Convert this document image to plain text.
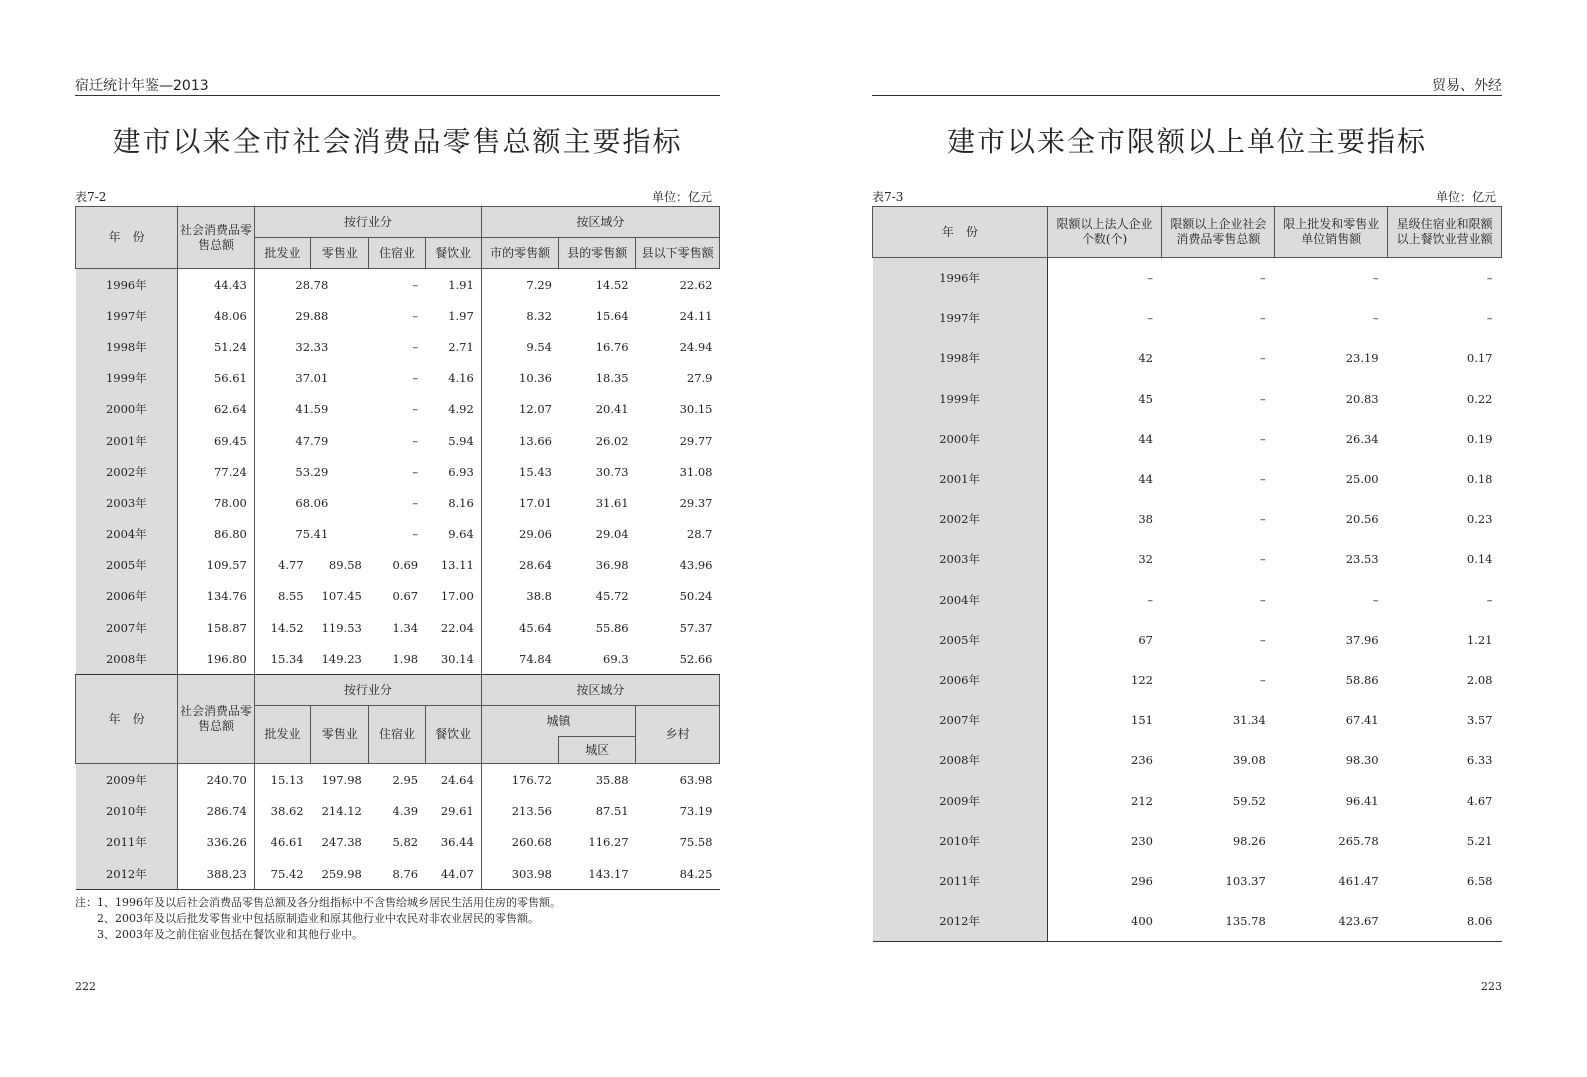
宿迁统计年鉴—2013
建市以来全市社会消费品零售总额主要指标
表7-2	单位：亿元
年　份	社会消费品零售总额	按行业分				按区域分		
		批发业	零售业	住宿业	餐饮业	市的零售额	县的零售额	县以下零售额
1996年	44.43	28.78		–	1.91	7.29	14.52	22.62
1997年	48.06	29.88		–	1.97	8.32	15.64	24.11
1998年	51.24	32.33		–	2.71	9.54	16.76	24.94
1999年	56.61	37.01		–	4.16	10.36	18.35	27.9
2000年	62.64	41.59		–	4.92	12.07	20.41	30.15
2001年	69.45	47.79		–	5.94	13.66	26.02	29.77
2002年	77.24	53.29		–	6.93	15.43	30.73	31.08
2003年	78.00	68.06		–	8.16	17.01	31.61	29.37
2004年	86.80	75.41		–	9.64	29.06	29.04	28.7
2005年	109.57	4.77	89.58	0.69	13.11	28.64	36.98	43.96
2006年	134.76	8.55	107.45	0.67	17.00	38.8	45.72	50.24
2007年	158.87	14.52	119.53	1.34	22.04	45.64	55.86	57.37
2008年	196.80	15.34	149.23	1.98	30.14	74.84	69.3	52.66
年　份	社会消费品零售总额	按行业分				按区域分		
		批发业	零售业	住宿业	餐饮业	城镇		乡村
							城区	
2009年	240.70	15.13	197.98	2.95	24.64	176.72	35.88	63.98
2010年	286.74	38.62	214.12	4.39	29.61	213.56	87.51	73.19
2011年	336.26	46.61	247.38	5.82	36.44	260.68	116.27	75.58
2012年	388.23	75.42	259.98	8.76	44.07	303.98	143.17	84.25
注：1、1996年及以后社会消费品零售总额及各分组指标中不含售给城乡居民生活用住房的零售额。
2、2003年及以后批发零售业中包括原制造业和原其他行业中农民对非农业居民的零售额。
3、2003年及之前住宿业包括在餐饮业和其他行业中。
222
贸易、外经
建市以来全市限额以上单位主要指标
表7-3	单位：亿元
年　份	限额以上法人企业个数(个)	限额以上企业社会消费品零售总额	限上批发和零售业单位销售额	星级住宿业和限额以上餐饮业营业额
1996年	–	–	–	–
1997年	–	–	–	–
1998年	42	–	23.19	0.17
1999年	45	–	20.83	0.22
2000年	44	–	26.34	0.19
2001年	44	–	25.00	0.18
2002年	38	–	20.56	0.23
2003年	32	–	23.53	0.14
2004年	–	–	–	–
2005年	67	–	37.96	1.21
2006年	122	–	58.86	2.08
2007年	151	31.34	67.41	3.57
2008年	236	39.08	98.30	6.33
2009年	212	59.52	96.41	4.67
2010年	230	98.26	265.78	5.21
2011年	296	103.37	461.47	6.58
2012年	400	135.78	423.67	8.06
223
